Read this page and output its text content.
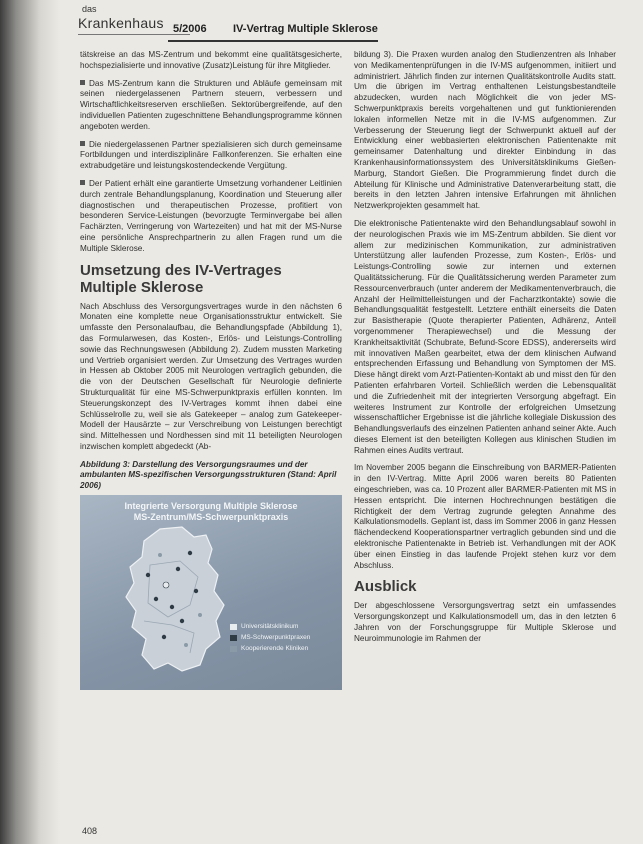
das
Krankenhaus 5/2006 IV-Vertrag Multiple Sklerose

tätskreise an das MS-Zentrum und bekommt eine qualitätsgesicherte, hochspezialisierte und innovative (Zusatz)Leistung für ihre Mitglieder.

Das MS-Zentrum kann die Strukturen und Abläufe gemeinsam mit seinen niedergelassenen Partnern steuern, verbessern und Wirtschaftlichkeitsreserven erschließen. Sektorübergreifende, auf den individuellen Patienten zugeschnittene Behandlungsprogramme können angeboten werden.

Die niedergelassenen Partner spezialisieren sich durch gemeinsame Fortbildungen und interdisziplinäre Fallkonferenzen. Sie erhalten eine extrabudgetäre und leistungskostendeckende Vergütung.

Der Patient erhält eine garantierte Umsetzung vorhandener Leitlinien durch zentrale Behandlungsplanung, Koordination und Steuerung aller diagnostischen und therapeutischen Prozesse, profitiert von besonderen Service-Leistungen (bevorzugte Terminvergabe bei allen Fachärzten, Verringerung von Wartezeiten) und hat mit der MS-Nurse eine persönliche Ansprechpartnerin zu allen Fragen rund um die Multiple Sklerose.

Umsetzung des IV-Vertrages Multiple Sklerose

Nach Abschluss des Versorgungsvertrages wurde in den nächsten 6 Monaten eine komplette neue Organisationsstruktur entwickelt. Sie umfasste den Personalaufbau, die Behandlungspfade (Abbildung 1), das Formularwesen, das Kosten-, Erlös- und Leistungs-Controlling sowie das Rechnungswesen (Abbildung 2). Zudem mussten Marketing und Vertrieb organisiert werden. Zur Umsetzung des Vertrages wurden in Hessen ab Oktober 2005 mit Neurologen vertraglich gebunden, die die von der Deutschen Gesellschaft für Neurologie definierte Strukturqualität für eine MS-Schwerpunktpraxis erfüllen konnten. Im Steuerungskonzept des IV-Vertrages kommt ihnen dabei eine Schlüsselrolle zu, weil sie als Gatekeeper – analog zum Gatekeeper-Modell der Hausärzte – zur Verschreibung von Leistungen berechtigt sind. Mittelhessen und Nordhessen sind mit 11 beteiligten Neurologen inzwischen komplett abgedeckt (Ab-

Abbildung 3: Darstellung des Versorgungsraumes und der ambulanten MS-spezifischen Versorgungsstrukturen (Stand: April 2006)
Integrierte Versorgung Multiple Sklerose
MS-Zentrum/MS-Schwerpunktpraxis
Universitätsklinikum
MS-Schwerpunktpraxen
Kooperierende Kliniken

bildung 3). Die Praxen wurden analog den Studienzentren als Inhaber von Medikamentenprüfungen in die IV-MS aufgenommen, initiiert und administriert. Jährlich finden zur internen Qualitätskontrolle Audits statt. Um die übrigen im Vertrag enthaltenen Leistungsbestandteile abzudecken, wurden nach Möglichkeit die von jeder MS-Schwerpunktpraxis bereits vorgehaltenen und gut funktionierenden lokalen informellen Netze mit in die IV-MS aufgenommen. Zur Verbesserung der Steuerung liegt der Schwerpunkt aktuell auf der Entwicklung einer webbasierten elektronischen Patientenakte mit gemeinsamer Datenhaltung und direkter Einbindung in das Krankenhausinformationssystem des Universitätsklinikums Gießen-Marburg, Standort Gießen. Die Programmierung findet durch die Abteilung für Klinische und Administrative Datenverarbeitung statt, die bereits in den letzten Jahren intensive Erfahrungen mit ähnlichen Netzwerkprojekten gesammelt hat.

Die elektronische Patientenakte wird den Behandlungsablauf sowohl in der neurologischen Praxis wie im MS-Zentrum abbilden. Sie dient vor allem zur medizinischen Kommunikation, zur administrativen Unterstützung aller laufenden Prozesse, zum Kosten-, Erlös- und Leistungs-Controlling sowie zur internen und externen Qualitätssicherung. Für die Qualitätssicherung werden Parameter zum Ressourcenverbrauch (unter anderem der Medikamentenverbrauch, die Anzahl der Heilmittelleistungen und der Facharztkontakte) sowie die Behandlungsqualität festgestellt. Letztere enthält einerseits die Daten zur Basistherapie (Quote therapierter Patienten, Adhärenz, Anteil vorgenommener Therapiewechsel) und die Messung der Krankheitsaktivität (Schubrate, Befund-Score EDSS), andererseits wird mit innovativen Maßen gearbeitet, etwa der dem klinischen Aufwand entsprechenden Erfassung und Behandlung von Symptomen der MS. Diese hängt direkt vom Arzt-Patienten-Kontakt ab und misst den für den Patienten erfahrbaren Vorteil. Schließlich werden die Lebensqualität und die Zufriedenheit mit der integrierten Versorgung abgefragt. Ein weiteres Instrument zur Kontrolle der erfolgreichen Umsetzung wissenschaftlicher Ergebnisse ist die jährliche kollegiale Diskussion des Behandlungsverlaufs des einzelnen Patienten anhand seiner Akte. Auch dieses Element ist den beteiligten Kollegen aus klinischen Studien im Rahmen eines Audits vertraut.

Im November 2005 begann die Einschreibung von BARMER-Patienten in den IV-Vertrag. Mitte April 2006 waren bereits 80 Patienten eingeschrieben, was ca. 10 Prozent aller BARMER-Patienten mit MS in Hessen entspricht. Die internen Hochrechnungen bestätigen die Richtigkeit der dem Vertrag zugrunde gelegten Annahme des Kalkulationsmodells. Geplant ist, dass im Sommer 2006 in ganz Hessen flächendeckend Kooperationspartner vertraglich gebunden sind und die elektronische Patientenakte in Betrieb ist. Verhandlungen mit der AOK über einen Einstieg in das laufende Projekt stehen kurz vor dem Abschluss.

Ausblick

Der abgeschlossene Versorgungsvertrag setzt ein umfassendes Versorgungskonzept und Kalkulationsmodell um, das in den letzten 6 Jahren von der Forschungsgruppe für Multiple Sklerose und Neuroimmunologie im Rahmen der

408
